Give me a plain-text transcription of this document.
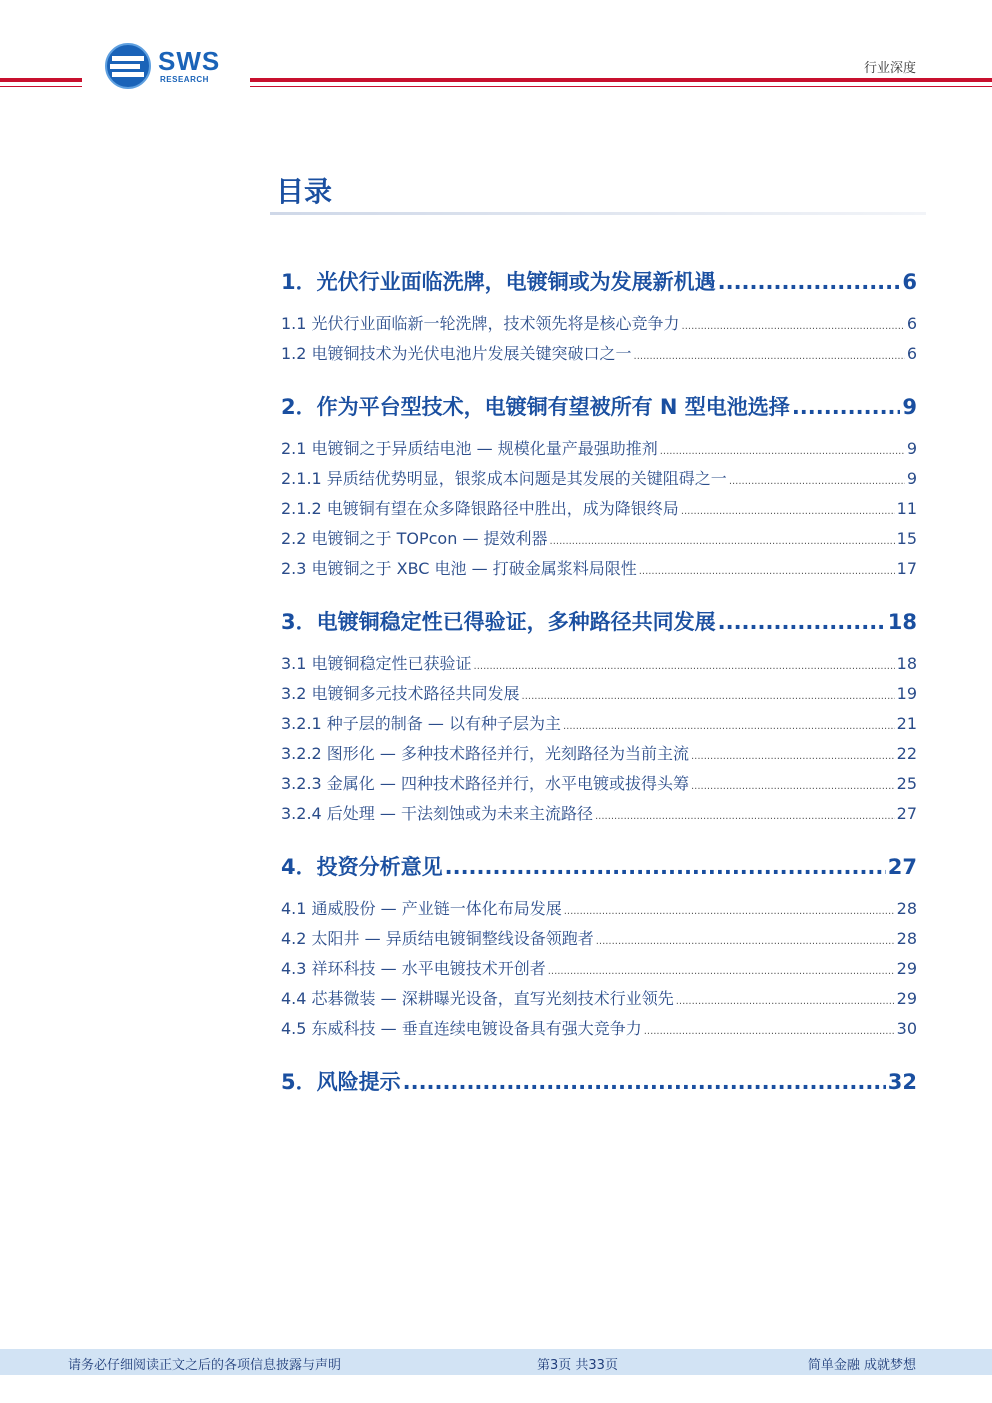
SWS
RESEARCH
行业深度
目录
1．光伏行业面临洗牌，电镀铜或为发展新机遇 .....	6
1.1 光伏行业面临新一轮洗牌，技术领先将是核心竞争力 .....	6
1.2 电镀铜技术为光伏电池片发展关键突破口之一 .....	6
2．作为平台型技术，电镀铜有望被所有 N 型电池选择 .....	9
2.1 电镀铜之于异质结电池 — 规模化量产最强助推剂 .....	9
2.1.1 异质结优势明显，银浆成本问题是其发展的关键阻碍之一 .....	9
2.1.2 电镀铜有望在众多降银路径中胜出，成为降银终局 .....	11
2.2 电镀铜之于 TOPcon — 提效利器 .....	15
2.3 电镀铜之于 XBC 电池 — 打破金属浆料局限性 .....	17
3．电镀铜稳定性已得验证，多种路径共同发展 .....	18
3.1 电镀铜稳定性已获验证 .....	18
3.2 电镀铜多元技术路径共同发展 .....	19
3.2.1 种子层的制备 — 以有种子层为主 .....	21
3.2.2 图形化 — 多种技术路径并行，光刻路径为当前主流 .....	22
3.2.3 金属化 — 四种技术路径并行，水平电镀或拔得头筹 .....	25
3.2.4 后处理 — 干法刻蚀或为未来主流路径 .....	27
4．投资分析意见 .....	27
4.1 通威股份 — 产业链一体化布局发展 .....	28
4.2 太阳井 — 异质结电镀铜整线设备领跑者 .....	28
4.3 祥环科技 — 水平电镀技术开创者 .....	29
4.4 芯碁微装 — 深耕曝光设备，直写光刻技术行业领先 .....	29
4.5 东威科技 — 垂直连续电镀设备具有强大竞争力 .....	30
5．风险提示 .....	32
请务必仔细阅读正文之后的各项信息披露与声明	第3页 共33页	简单金融 成就梦想
